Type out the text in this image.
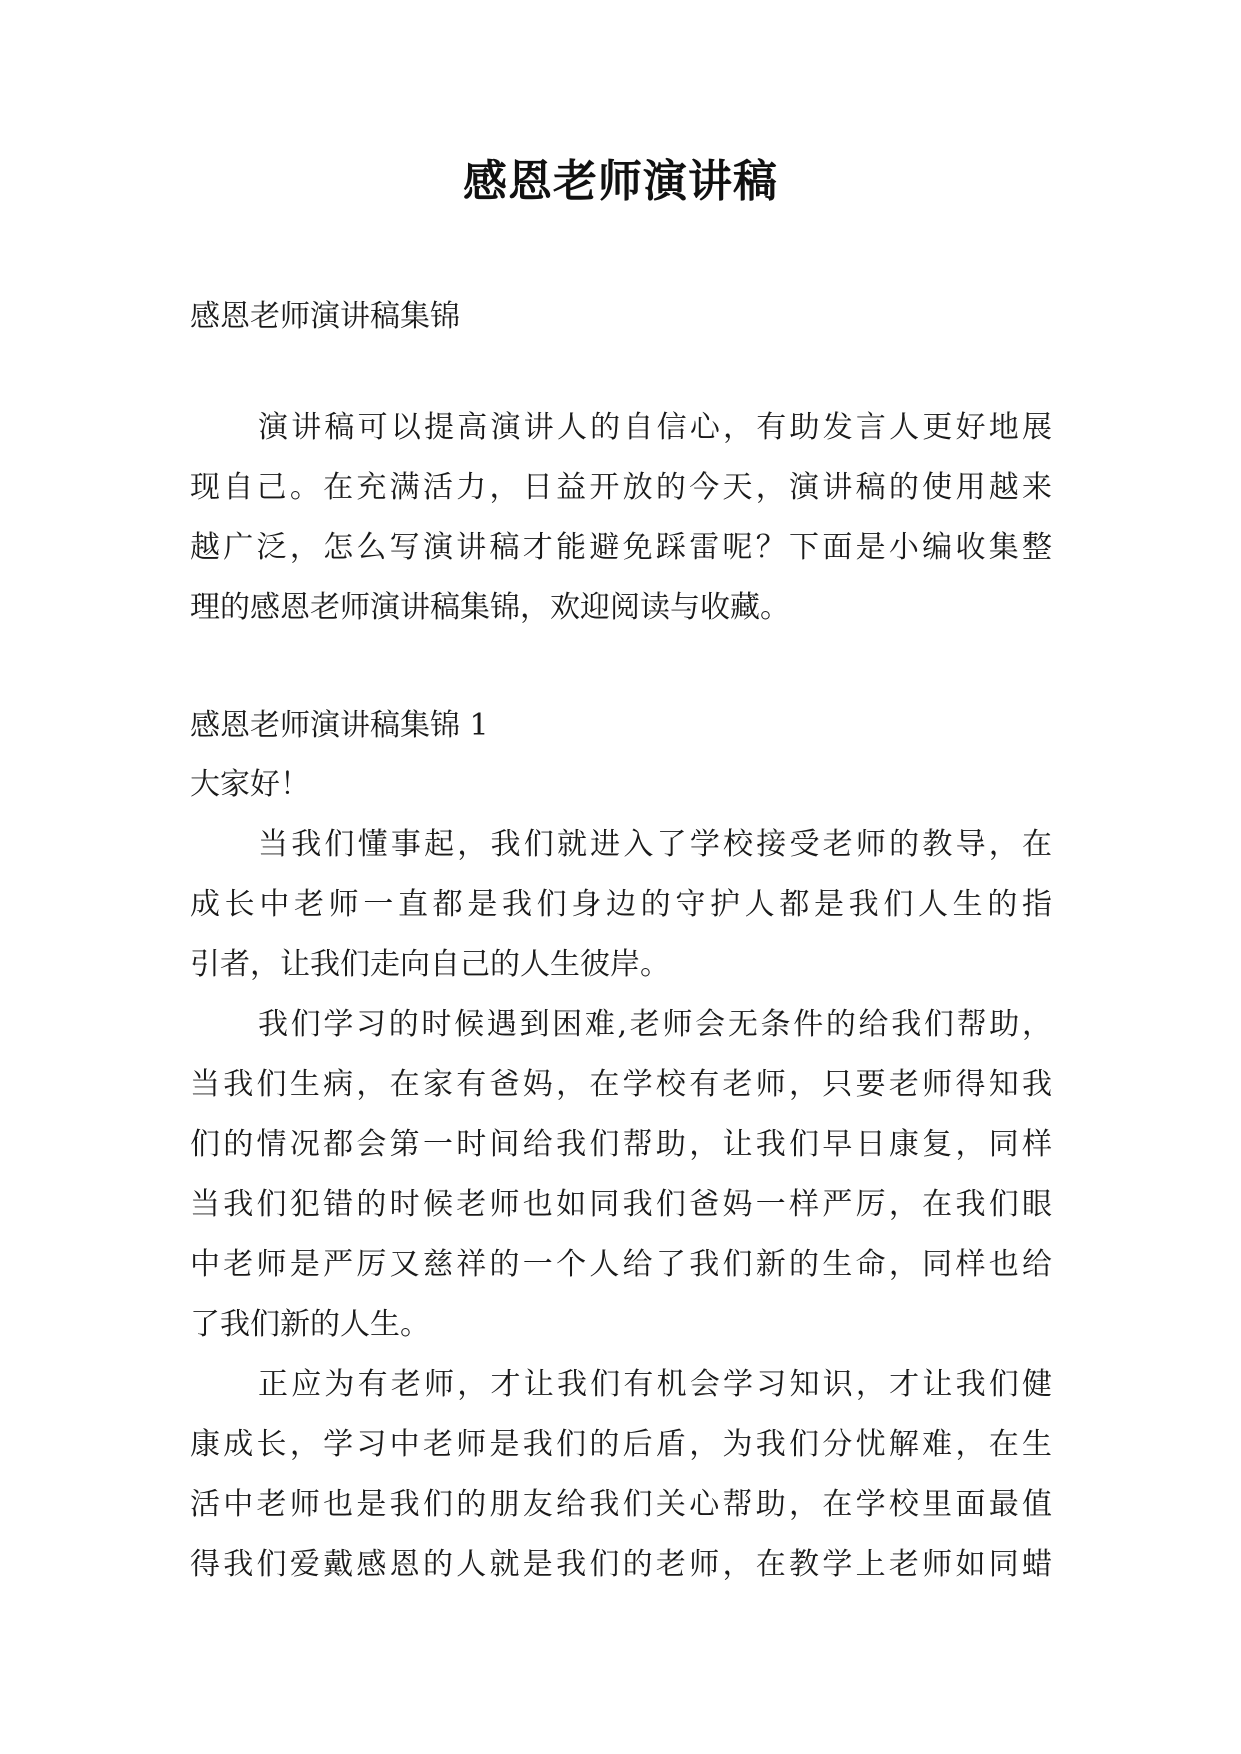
感恩老师演讲稿
感恩老师演讲稿集锦
演讲稿可以提高演讲人的自信心，有助发言人更好地展
现自己。在充满活力，日益开放的今天，演讲稿的使用越来
越广泛，怎么写演讲稿才能避免踩雷呢？下面是小编收集整
理的感恩老师演讲稿集锦，欢迎阅读与收藏。
感恩老师演讲稿集锦 1
大家好！
当我们懂事起，我们就进入了学校接受老师的教导，在
成长中老师一直都是我们身边的守护人都是我们人生的指
引者，让我们走向自己的人生彼岸。
我们学习的时候遇到困难,老师会无条件的给我们帮助，
当我们生病，在家有爸妈，在学校有老师，只要老师得知我
们的情况都会第一时间给我们帮助，让我们早日康复，同样
当我们犯错的时候老师也如同我们爸妈一样严厉，在我们眼
中老师是严厉又慈祥的一个人给了我们新的生命，同样也给
了我们新的人生。
正应为有老师，才让我们有机会学习知识，才让我们健
康成长，学习中老师是我们的后盾，为我们分忧解难，在生
活中老师也是我们的朋友给我们关心帮助，在学校里面最值
得我们爱戴感恩的人就是我们的老师，在教学上老师如同蜡
